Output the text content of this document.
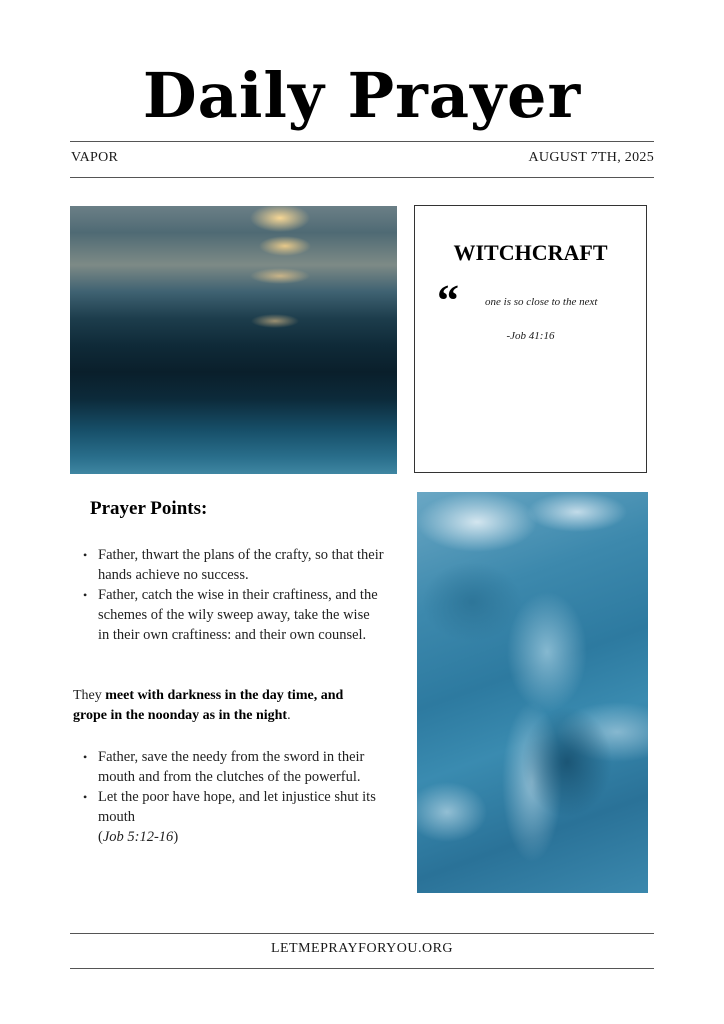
Daily Prayer
VAPOR	AUGUST 7TH, 2025
WITCHCRAFT
“ one is so close to the next
-Job 41:16
Prayer Points:
• Father, thwart the plans of the crafty, so that their hands achieve no success.
• Father, catch the wise in their craftiness, and the schemes of the wily sweep away, take the wise in their own craftiness: and their own counsel.
They meet with darkness in the day time, and grope in the noonday as in the night.
• Father, save the needy from the sword in their mouth and from the clutches of the powerful.
• Let the poor have hope, and let injustice shut its mouth
(Job 5:12-16)
LETMEPRAYFORYOU.ORG
